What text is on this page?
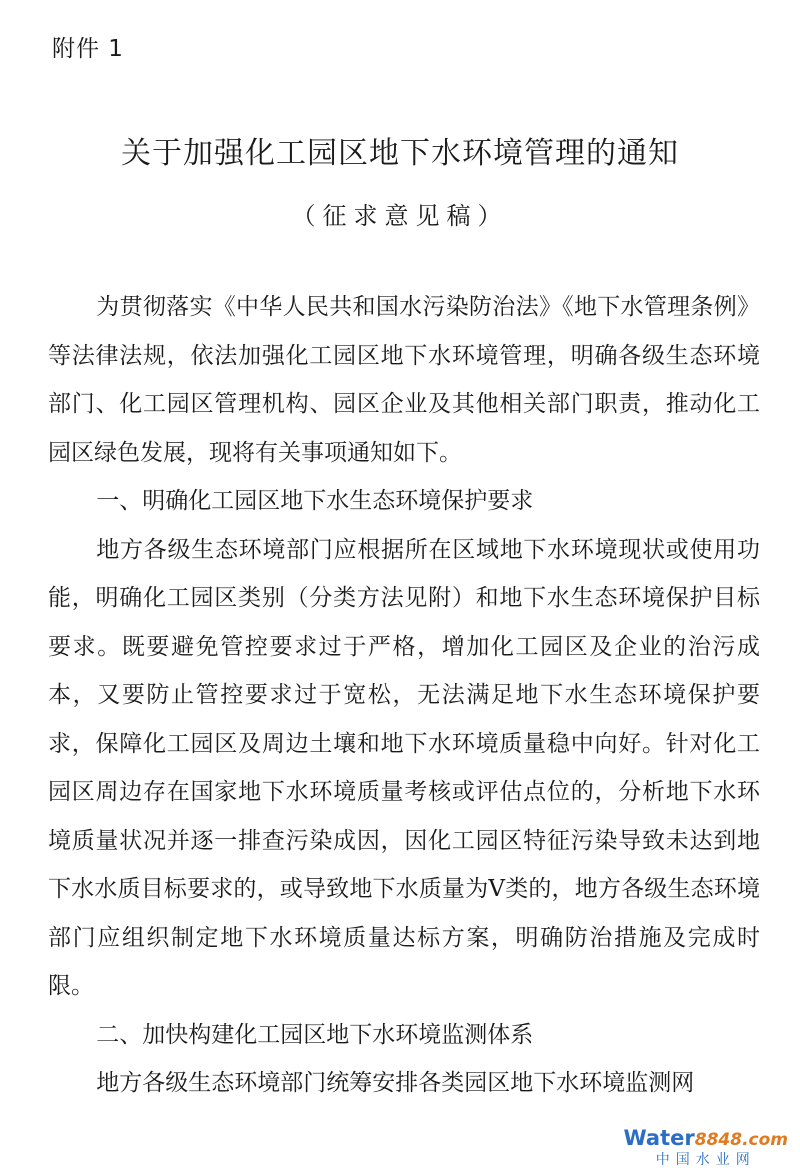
附件 1
关于加强化工园区地下水环境管理的通知
（征求意见稿）

为贯彻落实《中华人民共和国水污染防治法》《地下水管理条例》等法律法规，依法加强化工园区地下水环境管理，明确各级生态环境部门、化工园区管理机构、园区企业及其他相关部门职责，推动化工园区绿色发展，现将有关事项通知如下。

一、明确化工园区地下水生态环境保护要求

地方各级生态环境部门应根据所在区域地下水环境现状或使用功能，明确化工园区类别（分类方法见附）和地下水生态环境保护目标要求。既要避免管控要求过于严格，增加化工园区及企业的治污成本，又要防止管控要求过于宽松，无法满足地下水生态环境保护要求，保障化工园区及周边土壤和地下水环境质量稳中向好。针对化工园区周边存在国家地下水环境质量考核或评估点位的，分析地下水环境质量状况并逐一排查污染成因，因化工园区特征污染导致未达到地下水水质目标要求的，或导致地下水质量为Ⅴ类的，地方各级生态环境部门应组织制定地下水环境质量达标方案，明确防治措施及完成时限。

二、加快构建化工园区地下水环境监测体系

地方各级生态环境部门统筹安排各类园区地下水环境监测网

Water8848.com
中国水业网
